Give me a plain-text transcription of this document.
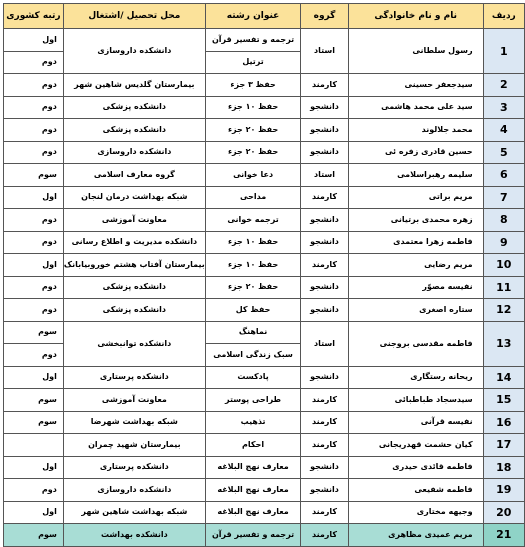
ردیف	نام و نام خانوادگی	گروه	عنوان رشته	محل تحصیل /اشتغال	رتبه کشوری
1	رسول سلطانی	استاد	ترجمه و تفسیر قرآن	دانشکده داروسازی	اول
			ترتیل		دوم
2	سیدجعفر حسینی	کارمند	حفظ ۳ جزء	بیمارستان گلدیس شاهین شهر	دوم
3	سید علی محمد هاشمی	دانشجو	حفظ ۱۰ جزء	دانشکده پزشکی	دوم
4	محمد جلالوند	دانشجو	حفظ ۲۰ جزء	دانشکده پزشکی	دوم
5	حسین قادری زفره ئی	دانشجو	حفظ ۲۰ جزء	دانشکده داروسازی	دوم
6	سلیمه رهبراسلامی	استاد	دعا خوانی	گروه معارف اسلامی	سوم
7	مریم براتی	کارمند	مداحی	شبکه بهداشت درمان لنجان	اول
8	زهره محمدی برتیانی	دانشجو	ترجمه خوانی	معاونت آموزشی	دوم
9	فاطمه زهرا معتمدی	دانشجو	حفظ ۱۰ جزء	دانشکده مدیریت و اطلاع رسانی	دوم
10	مریم رضایی	کارمند	حفظ ۱۰ جزء	بیمارستان آفتاب هشتم خوروبیابانک	اول
11	نفیسه مصوّر	دانشجو	حفظ ۲۰ جزء	دانشکده پزشکی	دوم
12	ستاره اصغری	دانشجو	حفظ کل	دانشکده پزشکی	دوم
13	فاطمه مقدسی بروجنی	استاد	نماهنگ	دانشکده توانبخشی	سوم
			سبک زندگی اسلامی		دوم
14	ریحانه رستگاری	دانشجو	پادکست	دانشکده پرستاری	اول
15	سیدسجاد طباطبائی	کارمند	طراحی پوستر	معاونت آموزشی	سوم
16	نفیسه قرآنی	کارمند	تذهیب	شبکه بهداشت شهرضا	سوم
17	کیان حشمت قهدریجانی	کارمند	احکام	بیمارستان شهید چمران	
18	فاطمه قائدی حیدری	دانشجو	معارف نهج البلاغه	دانشکده پرستاری	اول
19	فاطمه شفیعی	دانشجو	معارف نهج البلاغه	دانشکده داروسازی	دوم
20	وجیهه مختاری	کارمند	معارف نهج البلاغه	شبکه بهداشت شاهین شهر	اول
21	مریم عمیدی مظاهری	کارمند	ترجمه و تفسیر قرآن	دانشکده بهداشت	سوم
